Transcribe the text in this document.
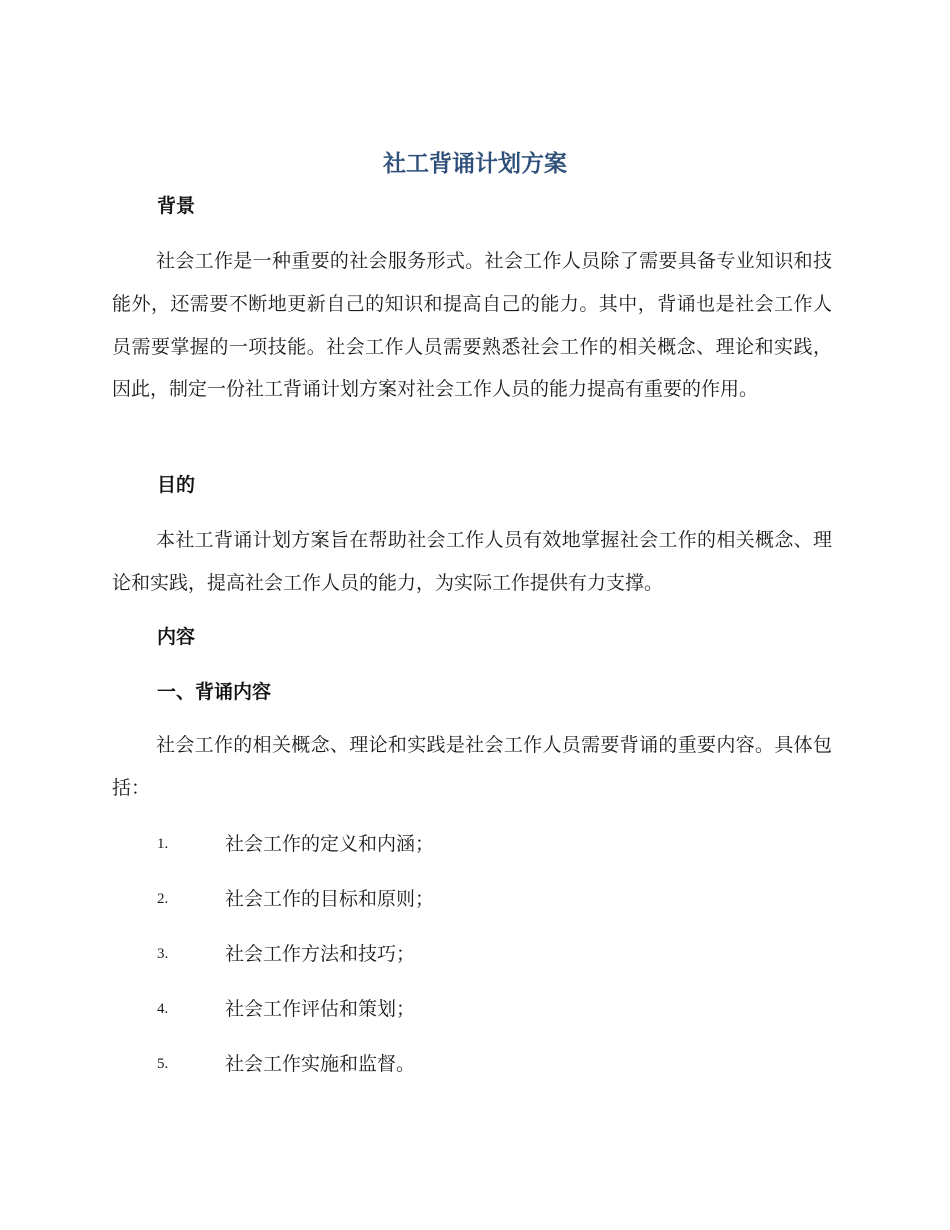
社工背诵计划方案
背景

社会工作是一种重要的社会服务形式。社会工作人员除了需要具备专业知识和技能外，还需要不断地更新自己的知识和提高自己的能力。其中，背诵也是社会工作人员需要掌握的一项技能。社会工作人员需要熟悉社会工作的相关概念、理论和实践，因此，制定一份社工背诵计划方案对社会工作人员的能力提高有重要的作用。

目的

本社工背诵计划方案旨在帮助社会工作人员有效地掌握社会工作的相关概念、理论和实践，提高社会工作人员的能力，为实际工作提供有力支撑。

内容
一、背诵内容

社会工作的相关概念、理论和实践是社会工作人员需要背诵的重要内容。具体包括：

1.	社会工作的定义和内涵；
2.	社会工作的目标和原则；
3.	社会工作方法和技巧；
4.	社会工作评估和策划；
5.	社会工作实施和监督。
